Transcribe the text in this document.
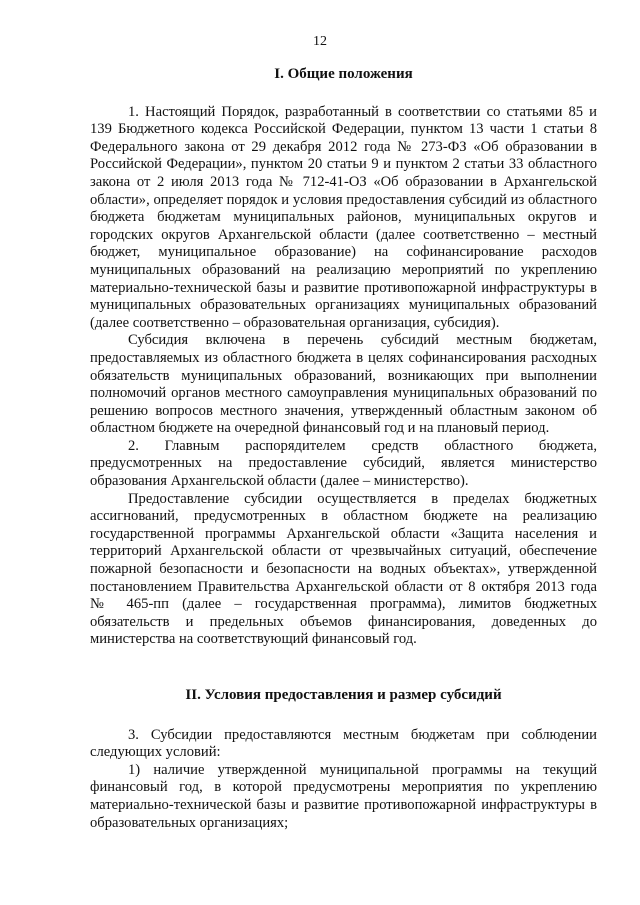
12
I. Общие положения

1. Настоящий Порядок, разработанный в соответствии со статьями 85 и 139 Бюджетного кодекса Российской Федерации, пунктом 13 части 1 статьи 8 Федерального закона от 29 декабря 2012 года № 273-ФЗ «Об образовании в Российской Федерации», пунктом 20 статьи 9 и пунктом 2 статьи 33 областного закона от 2 июля 2013 года № 712-41-ОЗ «Об образовании в Архангельской области», определяет порядок и условия предоставления субсидий из областного бюджета бюджетам муниципальных районов, муниципальных округов и городских округов Архангельской области (далее соответственно – местный бюджет, муниципальное образование) на софинансирование расходов муниципальных образований на реализацию мероприятий по укреплению материально-технической базы и развитие противопожарной инфраструктуры в муниципальных образовательных организациях муниципальных образований (далее соответственно – образовательная организация, субсидия).

Субсидия включена в перечень субсидий местным бюджетам, предоставляемых из областного бюджета в целях софинансирования расходных обязательств муниципальных образований, возникающих при выполнении полномочий органов местного самоуправления муниципальных образований по решению вопросов местного значения, утвержденный областным законом об областном бюджете на очередной финансовый год и на плановый период.

2. Главным распорядителем средств областного бюджета, предусмотренных на предоставление субсидий, является министерство образования Архангельской области (далее – министерство).

Предоставление субсидии осуществляется в пределах бюджетных ассигнований, предусмотренных в областном бюджете на реализацию государственной программы Архангельской области «Защита населения и территорий Архангельской области от чрезвычайных ситуаций, обеспечение пожарной безопасности и безопасности на водных объектах», утвержденной постановлением Правительства Архангельской области от 8 октября 2013 года № 465-пп (далее – государственная программа), лимитов бюджетных обязательств и предельных объемов финансирования, доведенных до министерства на соответствующий финансовый год.

II. Условия предоставления и размер субсидий

3. Субсидии предоставляются местным бюджетам при соблюдении следующих условий:

1) наличие утвержденной муниципальной программы на текущий финансовый год, в которой предусмотрены мероприятия по укреплению материально-технической базы и развитие противопожарной инфраструктуры в образовательных организациях;
